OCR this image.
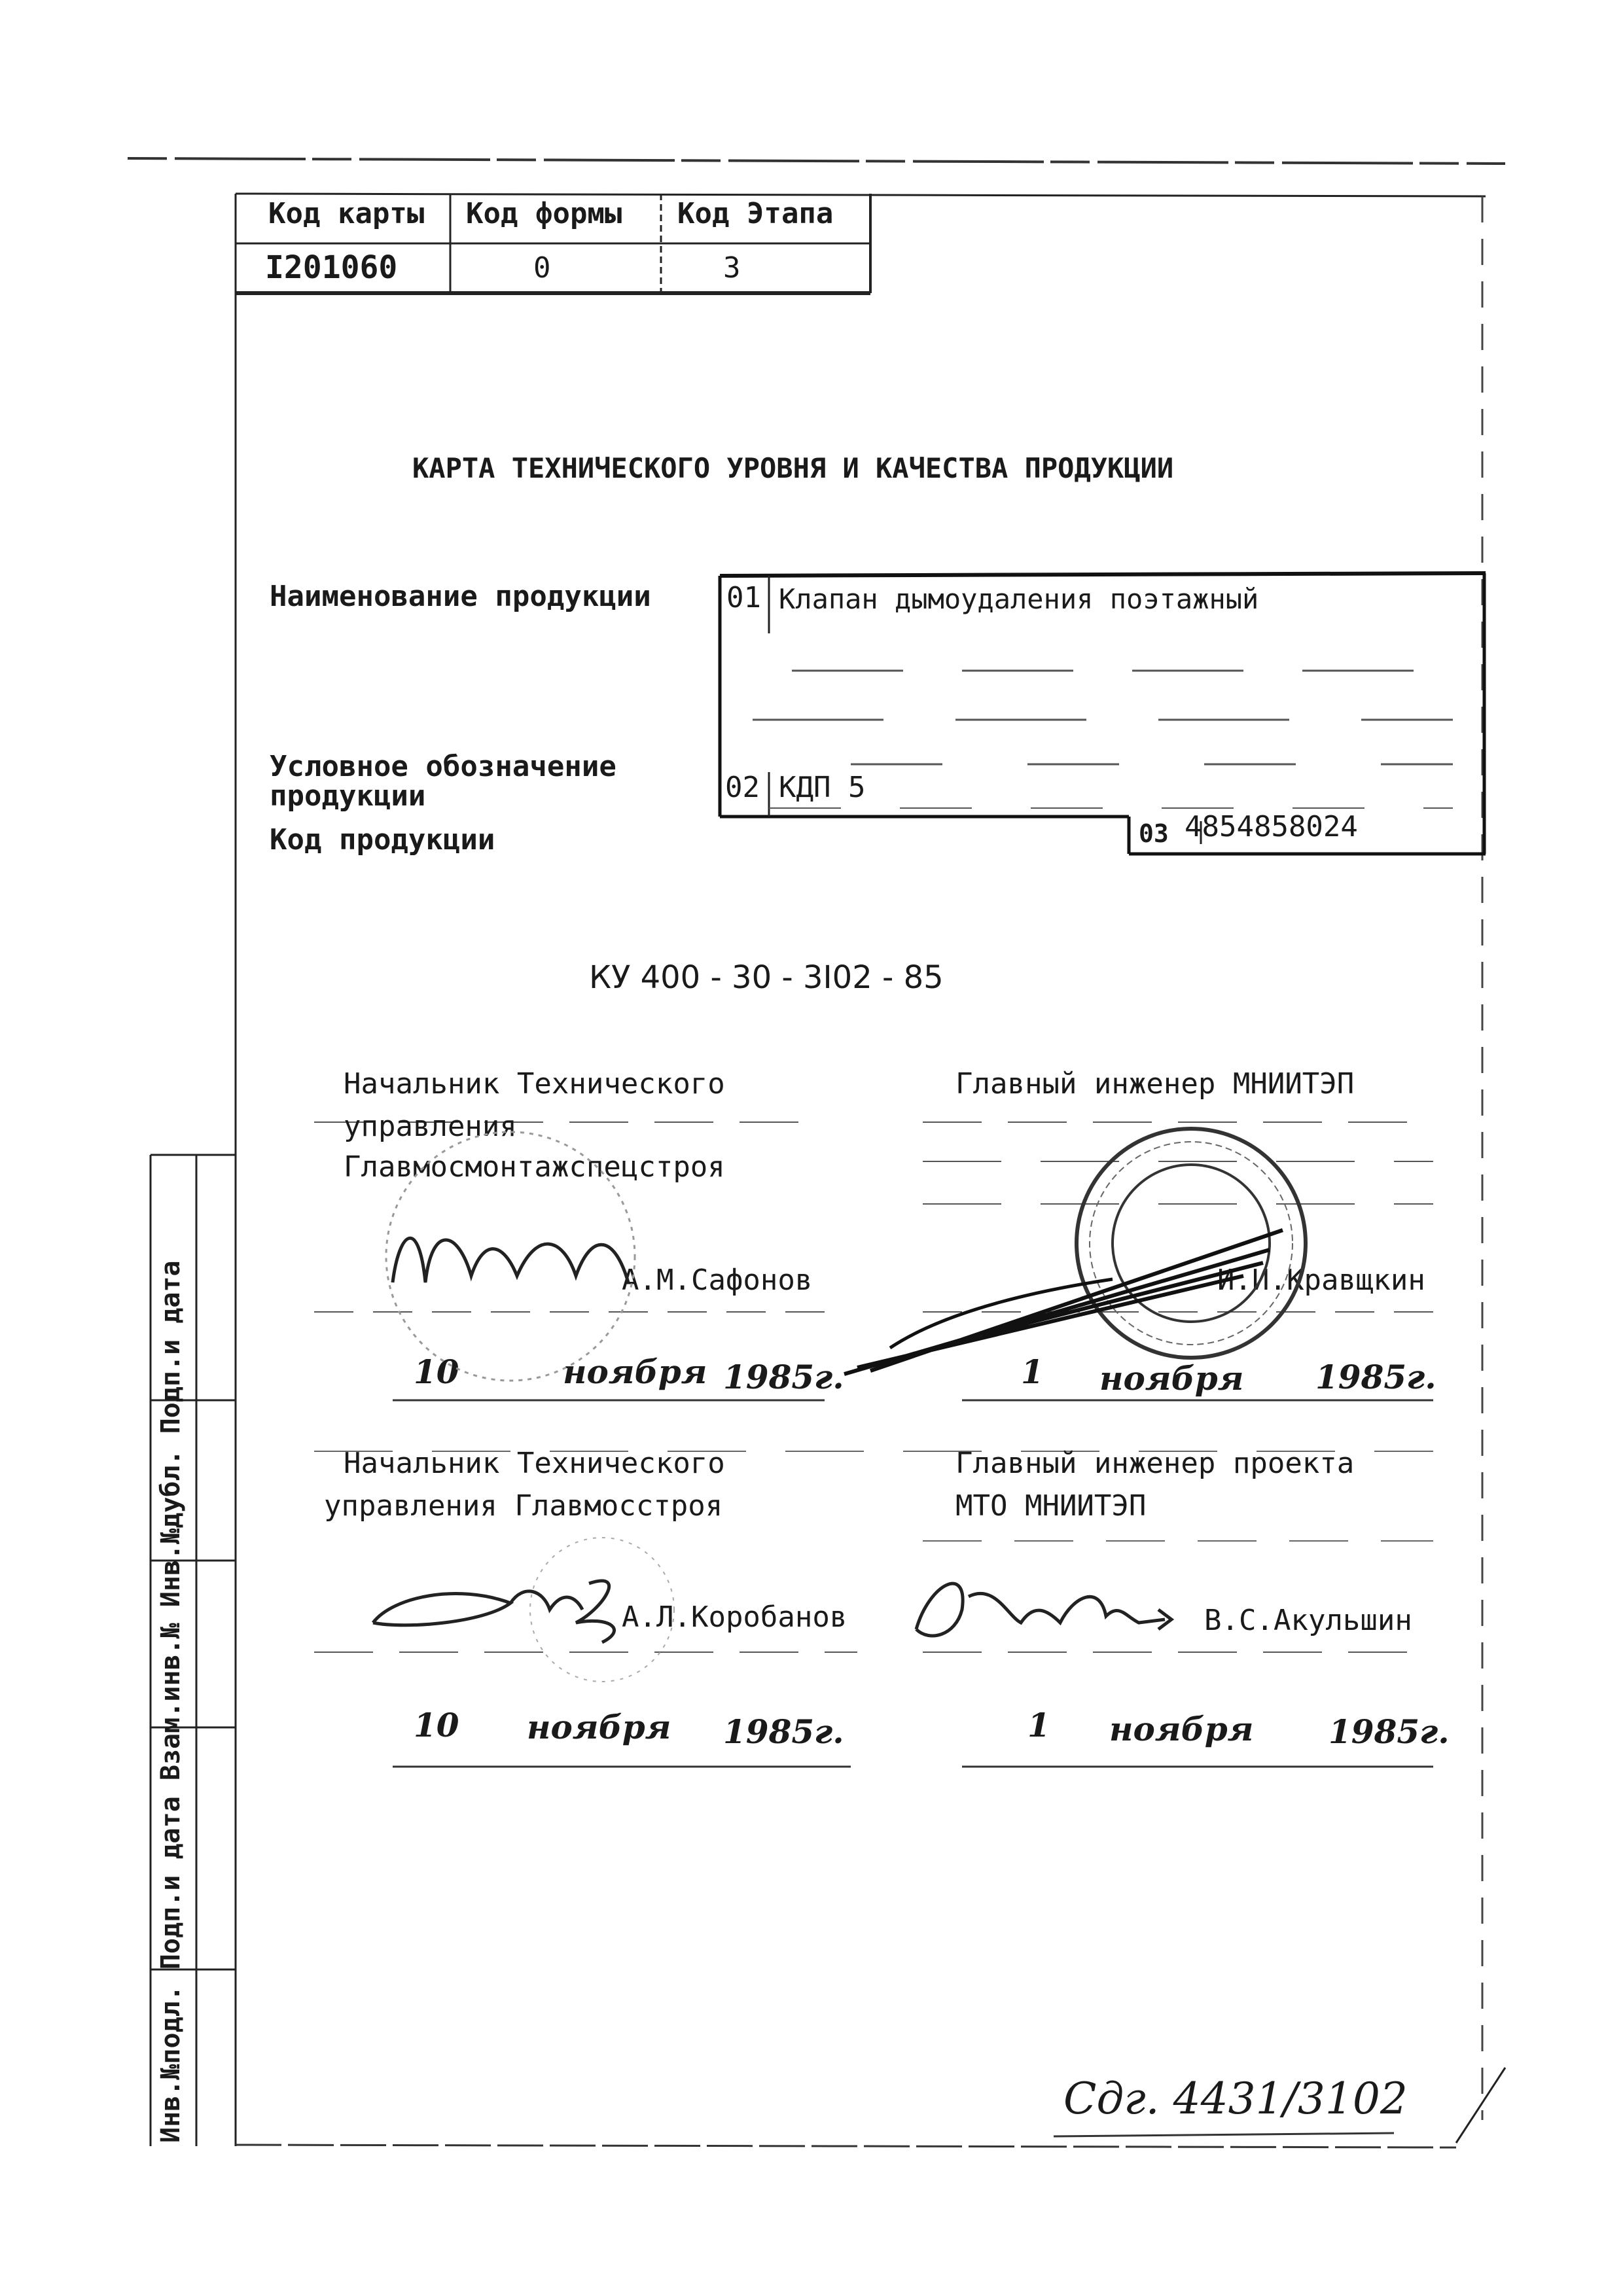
Код карты Код формы Код Этапа
I201060	0	3
КАРТА ТЕХНИЧЕСКОГО УРОВНЯ И КАЧЕСТВА ПРОДУКЦИИ
Наименование продукции	01 Клапан дымоудаления поэтажный
Условное обозначение
продукции	02 КДП 5
Код продукции	03 4854858024
КУ 400 - 30 - 3I02 - 85
Начальник Технического
управления
Главмосмонтажспецстроя
А.М.Сафонов
10	ноября 1985г.
Главный инженер МНИИТЭП
И.И.Кравщкин
1 ноября 1985г.
Начальник Технического
управления Главмосстроя
А.Л.Коробанов
10 ноября 1985г.
Главный инженер проекта
МТО МНИИТЭП
В.С.Акульшин
1 ноября 1985г.
Сдг. 4431/3102
Инв.№подл. Подп.и дата Взам.инв.№ Инв.№дубл. Подп.и дата
